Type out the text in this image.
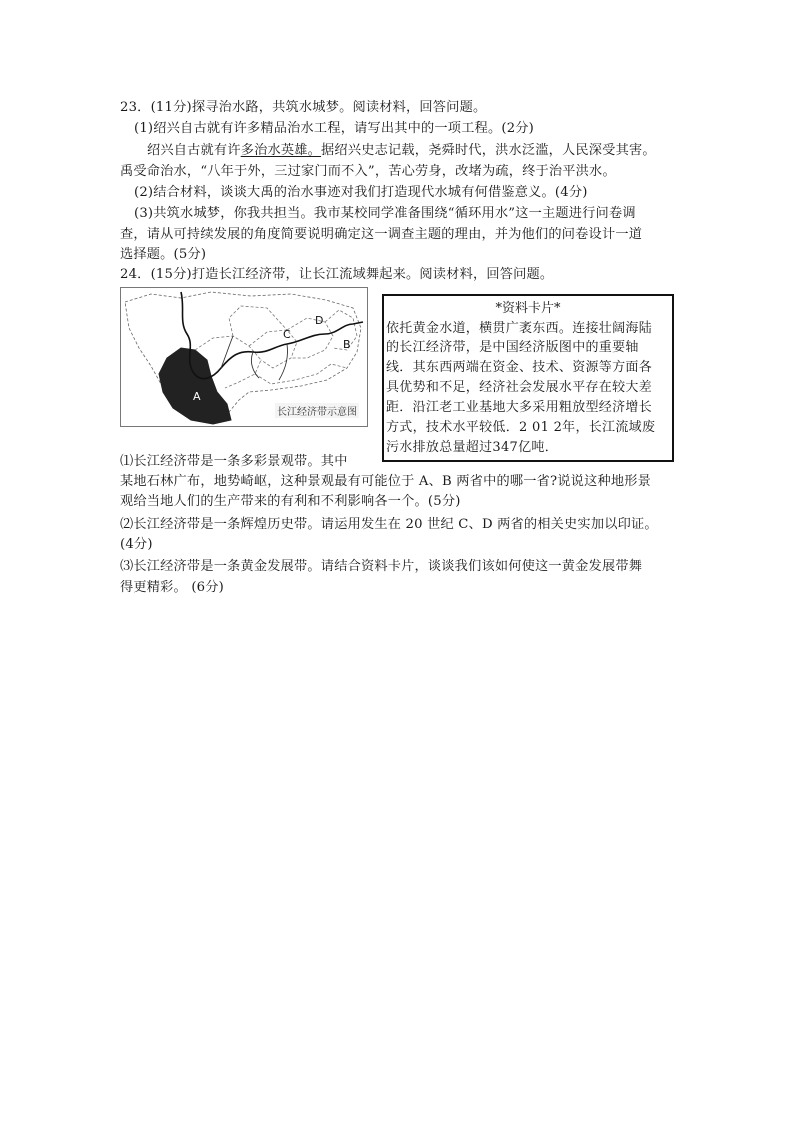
23．(11分)探寻治水路，共筑水城梦。阅读材料，回答问题。
(1)绍兴自古就有许多精品治水工程，请写出其中的一项工程。(2分)
绍兴自古就有许多治水英雄。据绍兴史志记载，尧舜时代，洪水泛滥，人民深受其害。
禹受命治水，“八年于外，三过家门而不入”，苦心劳身，改堵为疏，终于治平洪水。
(2)结合材料，谈谈大禹的治水事迹对我们打造现代水城有何借鉴意义。(4分)
(3)共筑水城梦，你我共担当。我市某校同学准备围绕“循环用水”这一主题进行问卷调
查，请从可持续发展的角度简要说明确定这一调查主题的理由，并为他们的问卷设计一道
选择题。(5分)
24．(15分)打造长江经济带，让长江流域舞起来。阅读材料，回答问题。
A
B
C
D
长江经济带示意图
*资料卡片*
依托黄金水道，横贯广袤东西。连接壮阔海陆
的长江经济带，是中国经济版图中的重要轴
线．其东西两端在资金、技术、资源等方面各
具优势和不足，经济社会发展水平存在较大差
距．沿江老工业基地大多采用粗放型经济增长
方式，技术水平较低．2 01 2年，长江流域废
污水排放总量超过347亿吨．
⑴长江经济带是一条多彩景观带。其中
某地石林广布，地势崎岖，这种景观最有可能位于 A、B 两省中的哪一省?说说这种地形景
观给当地人们的生产带来的有利和不利影响各一个。(5分)
⑵长江经济带是一条辉煌历史带。请运用发生在 20 世纪 C、D 两省的相关史实加以印证。
(4分)
⑶长江经济带是一条黄金发展带。请结合资料卡片，谈谈我们该如何使这一黄金发展带舞
得更精彩。 (6分)
